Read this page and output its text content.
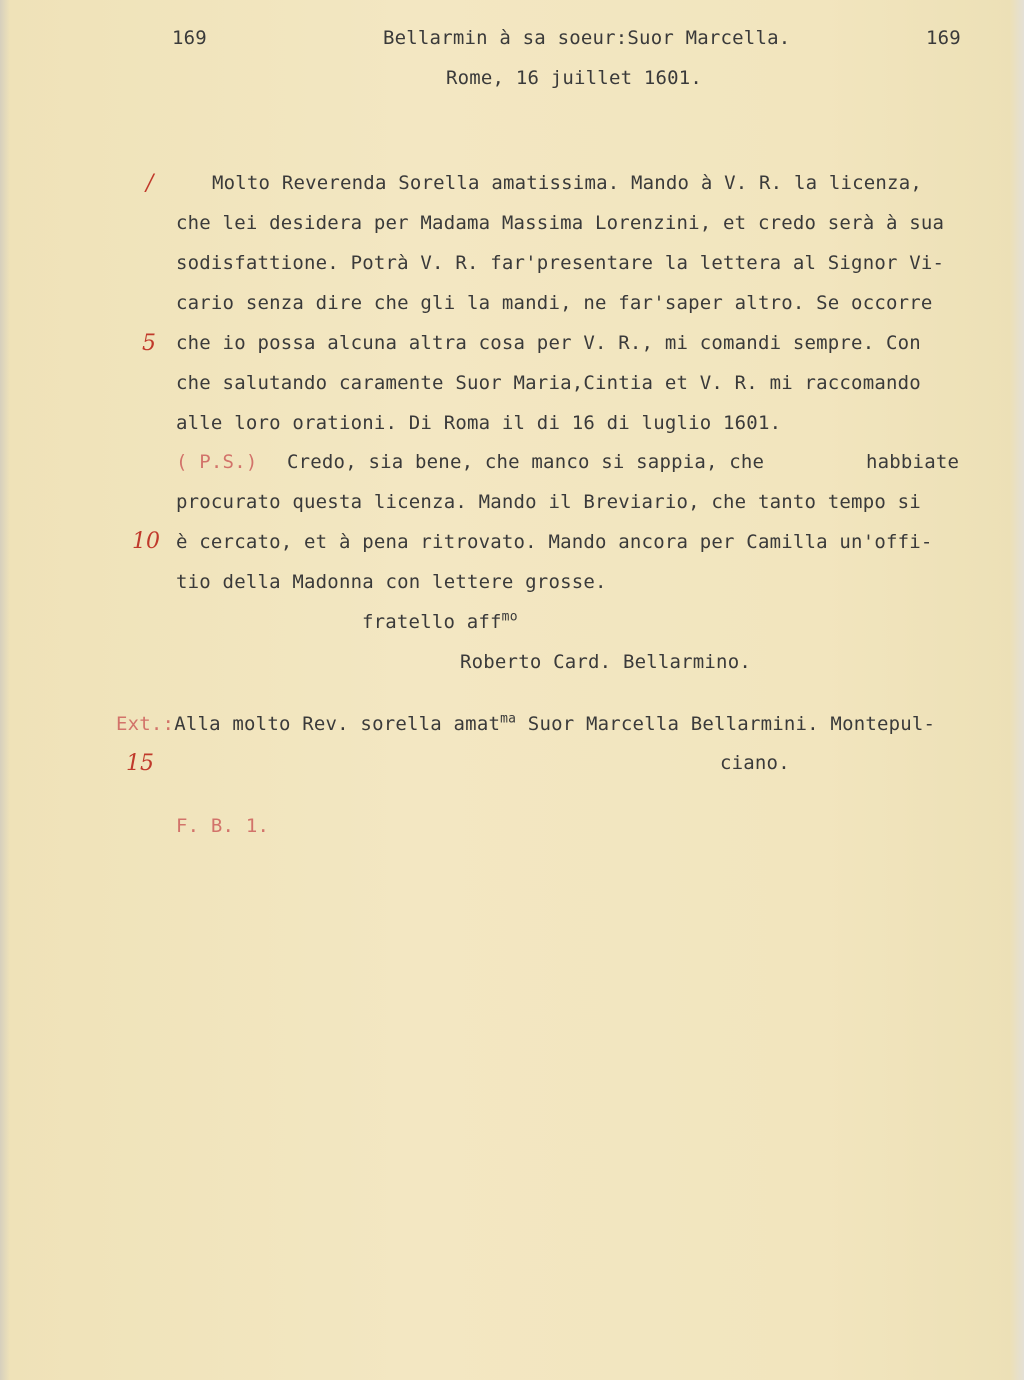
169	Bellarmin à sa soeur:Suor Marcella.	169
Rome, 16 juillet 1601.
/
5
10
15
Molto Reverenda Sorella amatissima. Mando à V. R. la licenza,
che lei desidera per Madama Massima Lorenzini, et credo serà à sua
sodisfattione. Potrà V. R. far'presentare la lettera al Signor Vi-
cario senza dire che gli la mandi, ne far'saper altro. Se occorre
che io possa alcuna altra cosa per V. R., mi comandi sempre. Con
che salutando caramente Suor Maria,Cintia et V. R. mi raccomando
alle loro orationi. Di Roma il di 16 di luglio 1601.
( P.S.) Credo, sia bene, che manco si sappia, che	habbiate
procurato questa licenza. Mando il Breviario, che tanto tempo si
è cercato, et à pena ritrovato. Mando ancora per Camilla un'offi-
tio della Madonna con lettere grosse.
fratello aff$^{mo}$
Roberto Card. Bellarmino.
Ext.:Alla molto Rev. sorella amat$^{ma}$ Suor Marcella Bellarmini. Montepul-
ciano.
F. B. 1.
